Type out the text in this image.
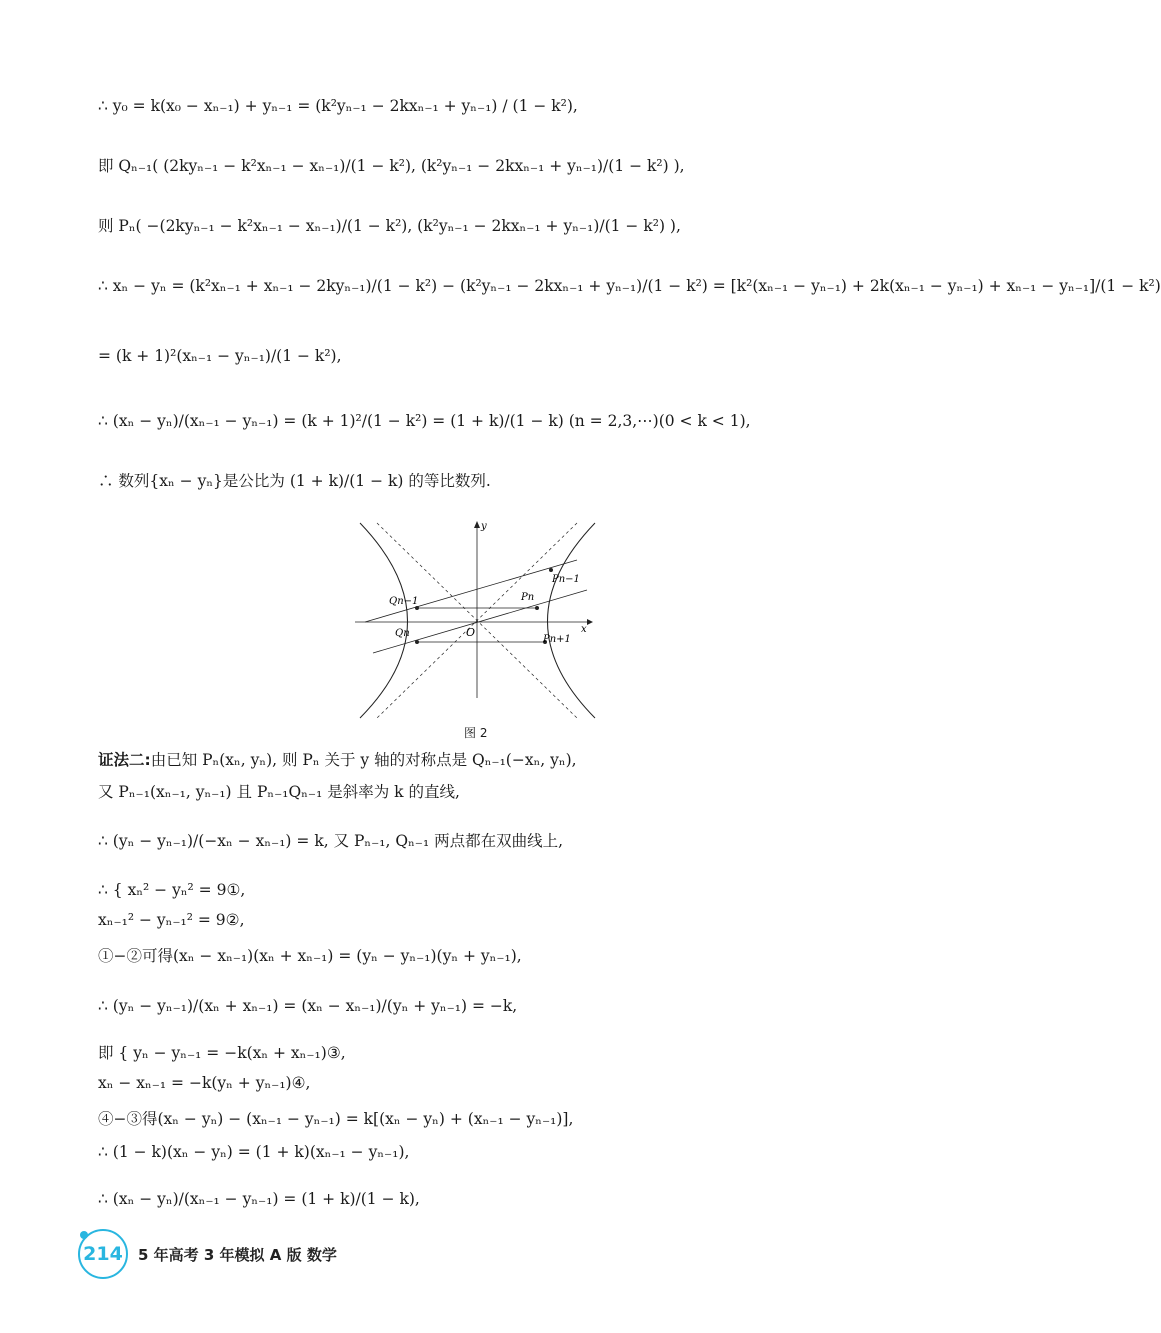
∴ y₀ = k(x₀ − xₙ₋₁) + yₙ₋₁ = (k²yₙ₋₁ − 2kxₙ₋₁ + yₙ₋₁) / (1 − k²),
即 Qₙ₋₁( (2kyₙ₋₁ − k²xₙ₋₁ − xₙ₋₁)/(1 − k²), (k²yₙ₋₁ − 2kxₙ₋₁ + yₙ₋₁)/(1 − k²) ),
则 Pₙ( −(2kyₙ₋₁ − k²xₙ₋₁ − xₙ₋₁)/(1 − k²), (k²yₙ₋₁ − 2kxₙ₋₁ + yₙ₋₁)/(1 − k²) ),
∴ xₙ − yₙ = (k²xₙ₋₁ + xₙ₋₁ − 2kyₙ₋₁)/(1 − k²) − (k²yₙ₋₁ − 2kxₙ₋₁ + yₙ₋₁)/(1 − k²) = [k²(xₙ₋₁ − yₙ₋₁) + 2k(xₙ₋₁ − yₙ₋₁) + xₙ₋₁ − yₙ₋₁]/(1 − k²)
= (k + 1)²(xₙ₋₁ − yₙ₋₁)/(1 − k²),
∴ (xₙ − yₙ)/(xₙ₋₁ − yₙ₋₁) = (k + 1)²/(1 − k²) = (1 + k)/(1 − k) (n = 2,3,⋯)(0 < k < 1),
∴ 数列{xₙ − yₙ}是公比为 (1 + k)/(1 − k) 的等比数列.
y
x
O
Qn−1
Qn
Pn−1
Pn
Pn+1
图 2
证法二:由已知 Pₙ(xₙ, yₙ), 则 Pₙ 关于 y 轴的对称点是 Qₙ₋₁(−xₙ, yₙ),
又 Pₙ₋₁(xₙ₋₁, yₙ₋₁) 且 Pₙ₋₁Qₙ₋₁ 是斜率为 k 的直线,
∴ (yₙ − yₙ₋₁)/(−xₙ − xₙ₋₁) = k, 又 Pₙ₋₁, Qₙ₋₁ 两点都在双曲线上,
∴ { xₙ² − yₙ² = 9①,
xₙ₋₁² − yₙ₋₁² = 9②,
①−②可得(xₙ − xₙ₋₁)(xₙ + xₙ₋₁) = (yₙ − yₙ₋₁)(yₙ + yₙ₋₁),
∴ (yₙ − yₙ₋₁)/(xₙ + xₙ₋₁) = (xₙ − xₙ₋₁)/(yₙ + yₙ₋₁) = −k,
即 { yₙ − yₙ₋₁ = −k(xₙ + xₙ₋₁)③,
xₙ − xₙ₋₁ = −k(yₙ + yₙ₋₁)④,
④−③得(xₙ − yₙ) − (xₙ₋₁ − yₙ₋₁) = k[(xₙ − yₙ) + (xₙ₋₁ − yₙ₋₁)],
∴ (1 − k)(xₙ − yₙ) = (1 + k)(xₙ₋₁ − yₙ₋₁),
∴ (xₙ − yₙ)/(xₙ₋₁ − yₙ₋₁) = (1 + k)/(1 − k),
214 5 年高考 3 年模拟 A 版 数学
